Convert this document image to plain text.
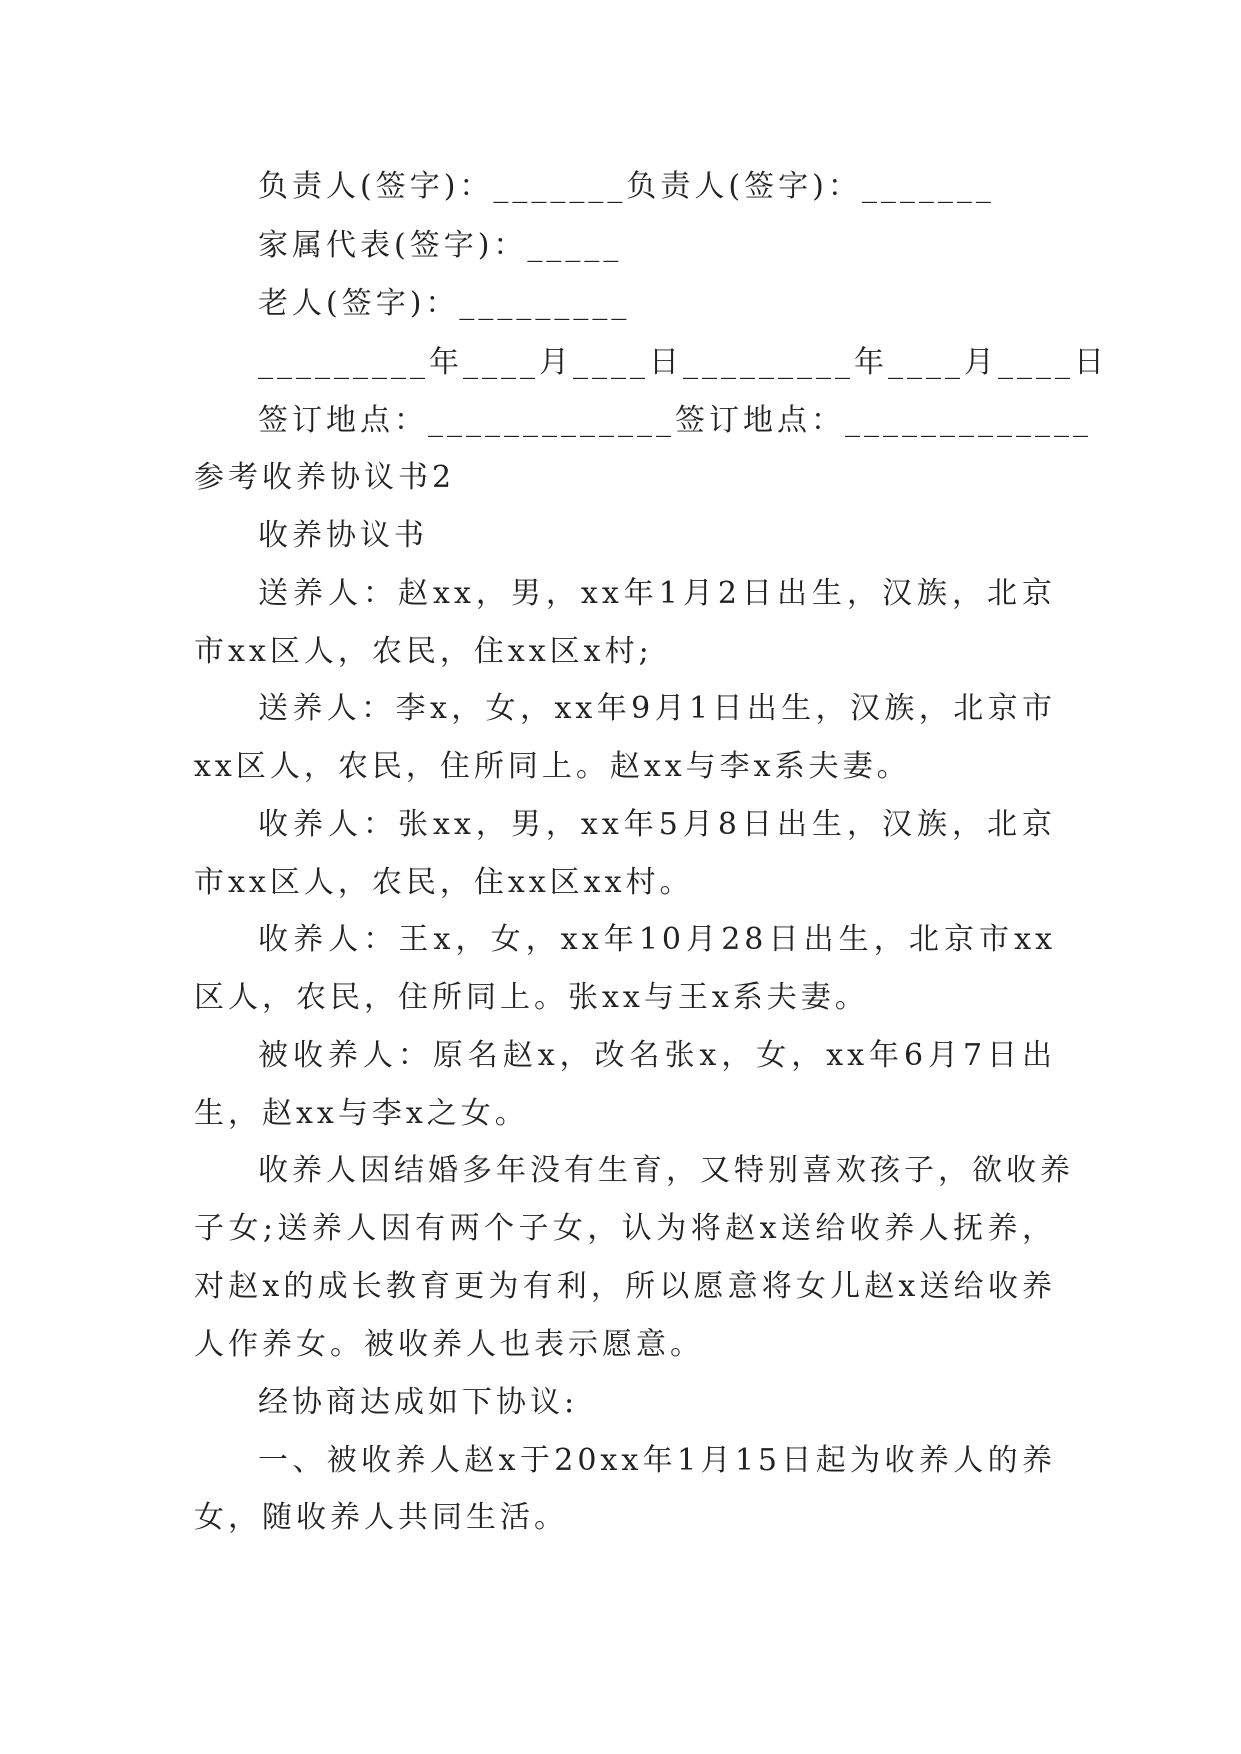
负责人(签字)：_______负责人(签字)：_______
家属代表(签字)：_____
老人(签字)：_________
_________年____月____日_________年____月____日
签订地点：_____________签订地点：_____________
参考收养协议书2
收养协议书
送养人：赵xx，男，xx年1月2日出生，汉族，北京
市xx区人，农民，住xx区x村;
送养人：李x，女，xx年9月1日出生，汉族，北京市
xx区人，农民，住所同上。赵xx与李x系夫妻。
收养人：张xx，男，xx年5月8日出生，汉族，北京
市xx区人，农民，住xx区xx村。
收养人：王x，女，xx年10月28日出生，北京市xx
区人，农民，住所同上。张xx与王x系夫妻。
被收养人：原名赵x，改名张x，女，xx年6月7日出
生，赵xx与李x之女。
收养人因结婚多年没有生育，又特别喜欢孩子，欲收养
子女;送养人因有两个子女，认为将赵x送给收养人抚养，
对赵x的成长教育更为有利，所以愿意将女儿赵x送给收养
人作养女。被收养人也表示愿意。
经协商达成如下协议:
一、被收养人赵x于20xx年1月15日起为收养人的养
女，随收养人共同生活。
